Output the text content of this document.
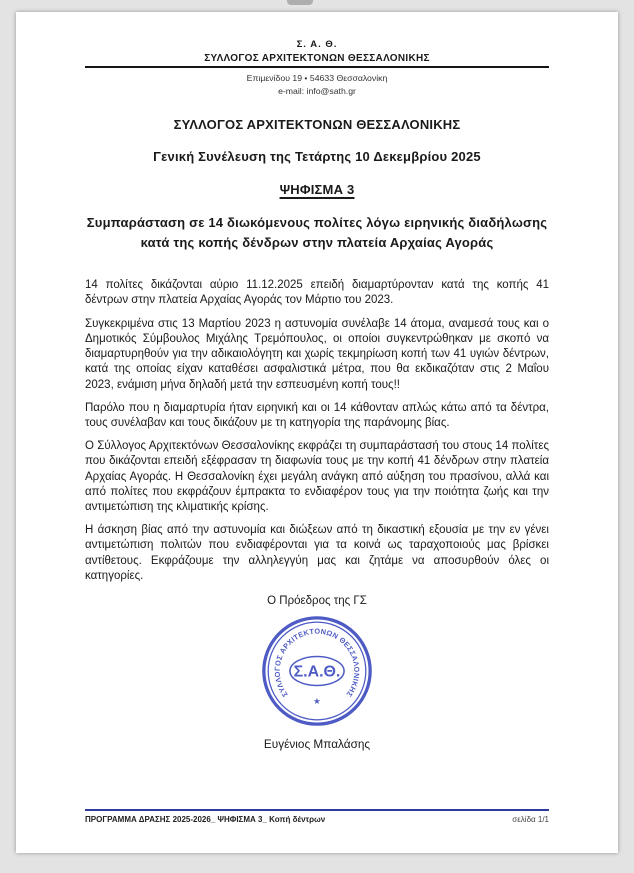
Σ. Α. Θ.
ΣΥΛΛΟΓΟΣ ΑΡΧΙΤΕΚΤΟΝΩΝ ΘΕΣΣΑΛΟΝΙΚΗΣ
Επιμενίδου 19 • 54633 Θεσσαλονίκη
e-mail: info@sath.gr
ΣΥΛΛΟΓΟΣ ΑΡΧΙΤΕΚΤΟΝΩΝ ΘΕΣΣΑΛΟΝΙΚΗΣ
Γενική Συνέλευση της Τετάρτης 10 Δεκεμβρίου 2025
ΨΗΦΙΣΜΑ 3
Συμπαράσταση σε 14 διωκόμενους πολίτες λόγω ειρηνικής διαδήλωσης κατά της κοπής δένδρων στην πλατεία Αρχαίας Αγοράς

14 πολίτες δικάζονται αύριο 11.12.2025 επειδή διαμαρτύρονταν κατά της κοπής 41 δέντρων στην πλατεία Αρχαίας Αγοράς τον Μάρτιο του 2023.

Συγκεκριμένα στις 13 Μαρτίου 2023 η αστυνομία συνέλαβε 14 άτομα, αναμεσά τους και ο Δημοτικός Σύμβουλος Μιχάλης Τρεμόπουλος, οι οποίοι συγκεντρώθηκαν με σκοπό να διαμαρτυρηθούν για την αδικαιολόγητη και χωρίς τεκμηρίωση κοπή των 41 υγιών δέντρων, κατά της οποίας είχαν καταθέσει ασφαλιστικά μέτρα, που θα εκδικαζόταν στις 2 Μαΐου 2023, ενάμιση μήνα δηλαδή μετά την εσπευσμένη κοπή τους!!

Παρόλο που η διαμαρτυρία ήταν ειρηνική και οι 14 κάθονταν απλώς κάτω από τα δέντρα, τους συνέλαβαν και τους δικάζουν με τη κατηγορία της παράνομης βίας.

Ο Σύλλογος Αρχιτεκτόνων Θεσσαλονίκης εκφράζει τη συμπαράστασή του στους 14 πολίτες που δικάζονται επειδή εξέφρασαν τη διαφωνία τους με την κοπή 41 δένδρων στην πλατεία Αρχαίας Αγοράς. Η Θεσσαλονίκη έχει μεγάλη ανάγκη από αύξηση του πρασίνου, αλλά και από πολίτες που εκφράζουν έμπρακτα το ενδιαφέρον τους για την ποιότητα ζωής και την αντιμετώπιση της κλιματικής κρίσης.

Η άσκηση βίας από την αστυνομία και διώξεων από τη δικαστική εξουσία με την εν γένει αντιμετώπιση πολιτών που ενδιαφέρονται για τα κοινά ως ταραχοποιούς μας βρίσκει αντίθετους. Εκφράζουμε την αλληλεγγύη μας και ζητάμε να αποσυρθούν όλες οι κατηγορίες.

Ο Πρόεδρος της ΓΣ
ΣΥΛΛΟΓΟΣ ΑΡΧΙΤΕΚΤΟΝΩΝ ΘΕΣΣΑΛΟΝΙΚΗΣ
Σ.Α.Θ.
★
Ευγένιος Μπαλάσης
ΠΡΟΓΡΑΜΜΑ ΔΡΑΣΗΣ 2025-2026_ ΨΗΦΙΣΜΑ 3_ Κοπή δέντρων	σελίδα 1/1
